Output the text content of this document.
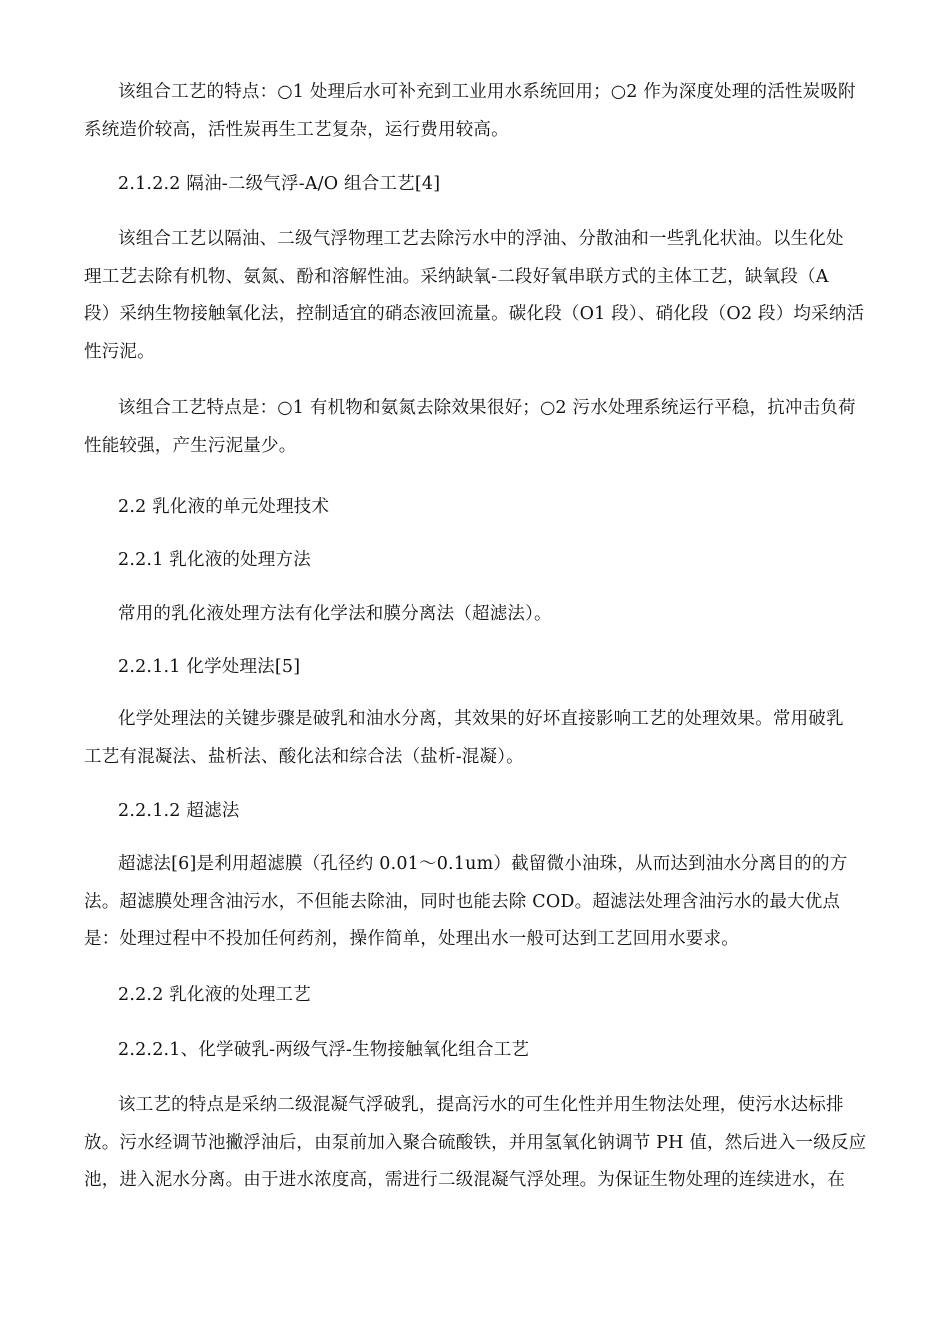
该组合工艺的特点：○1 处理后水可补充到工业用水系统回用；○2 作为深度处理的活性炭吸附
系统造价较高，活性炭再生工艺复杂，运行费用较高。

2.1.2.2 隔油-二级气浮-A/O 组合工艺[4]

该组合工艺以隔油、二级气浮物理工艺去除污水中的浮油、分散油和一些乳化状油。以生化处
理工艺去除有机物、氨氮、酚和溶解性油。采纳缺氧-二段好氧串联方式的主体工艺，缺氧段（A
段）采纳生物接触氧化法，控制适宜的硝态液回流量。碳化段（O1 段）、硝化段（O2 段）均采纳活
性污泥。

该组合工艺特点是：○1 有机物和氨氮去除效果很好；○2 污水处理系统运行平稳，抗冲击负荷
性能较强，产生污泥量少。

2.2 乳化液的单元处理技术

2.2.1 乳化液的处理方法

常用的乳化液处理方法有化学法和膜分离法（超滤法）。

2.2.1.1 化学处理法[5]

化学处理法的关键步骤是破乳和油水分离，其效果的好坏直接影响工艺的处理效果。常用破乳
工艺有混凝法、盐析法、酸化法和综合法（盐析-混凝）。

2.2.1.2 超滤法

超滤法[6]是利用超滤膜（孔径约 0.01～0.1um）截留微小油珠，从而达到油水分离目的的方
法。超滤膜处理含油污水，不但能去除油，同时也能去除 COD。超滤法处理含油污水的最大优点
是：处理过程中不投加任何药剂，操作简单，处理出水一般可达到工艺回用水要求。

2.2.2 乳化液的处理工艺

2.2.2.1、化学破乳-两级气浮-生物接触氧化组合工艺

该工艺的特点是采纳二级混凝气浮破乳，提高污水的可生化性并用生物法处理，使污水达标排
放。污水经调节池撇浮油后，由泵前加入聚合硫酸铁，并用氢氧化钠调节 PH 值，然后进入一级反应
池，进入泥水分离。由于进水浓度高，需进行二级混凝气浮处理。为保证生物处理的连续进水，在
